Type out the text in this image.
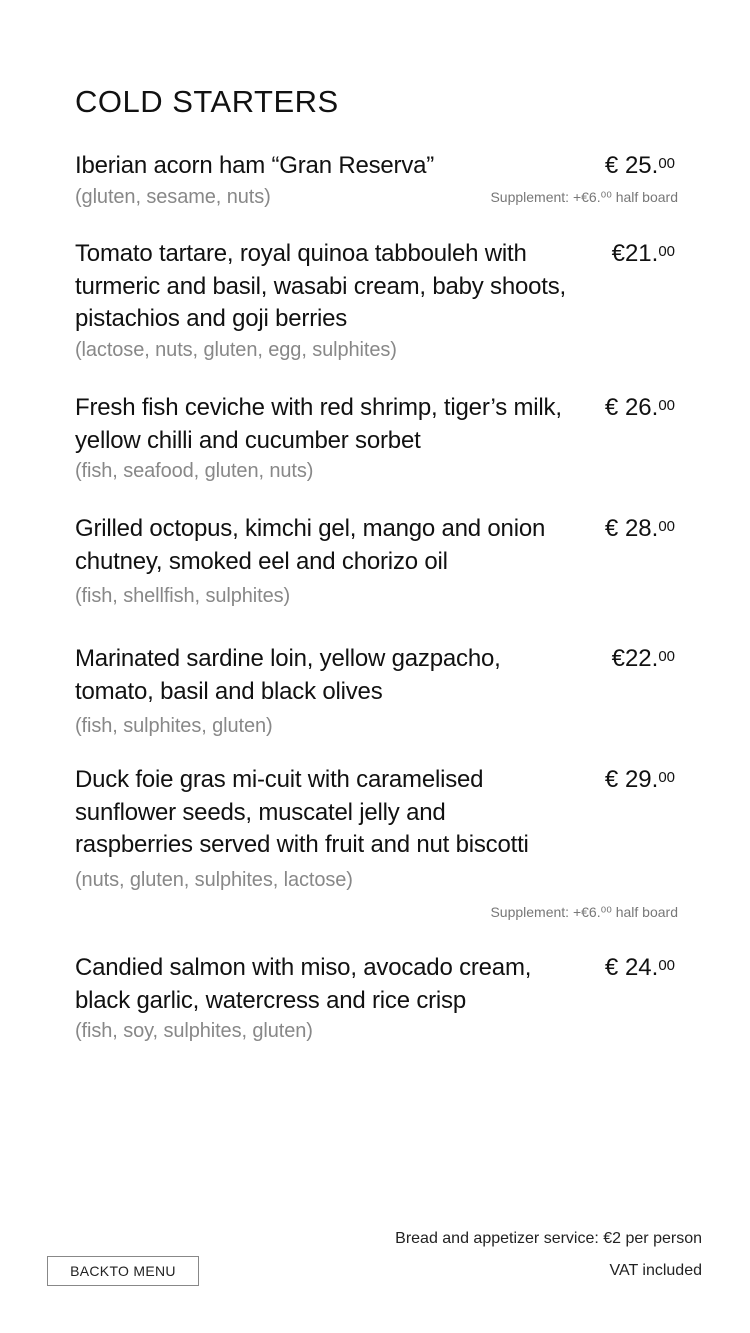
COLD STARTERS
Iberian acorn ham “Gran Reserva”	€ 25.00
(gluten, sesame, nuts)	Supplement: +€6.⁰⁰ half board
Tomato tartare, royal quinoa tabbouleh with turmeric and basil, wasabi cream, baby shoots, pistachios and goji berries
€21.00
(lactose, nuts, gluten, egg, sulphites)
Fresh fish ceviche with red shrimp, tiger’s milk, yellow chilli and cucumber sorbet
€ 26.00
(fish, seafood, gluten, nuts)
Grilled octopus, kimchi gel, mango and onion chutney, smoked eel and chorizo oil
€ 28.00
(fish, shellfish, sulphites)
Marinated sardine loin, yellow gazpacho, tomato, basil and black olives
€22.00
(fish, sulphites, gluten)
Duck foie gras mi-cuit with caramelised sunflower seeds, muscatel jelly and raspberries served with fruit and nut biscotti
€ 29.00
(nuts, gluten, sulphites, lactose)
Supplement: +€6.⁰⁰ half board
Candied salmon with miso, avocado cream, black garlic, watercress and rice crisp
€ 24.00
(fish, soy, sulphites, gluten)
Bread and appetizer service: €2 per person
VAT included
BACKTO MENU
